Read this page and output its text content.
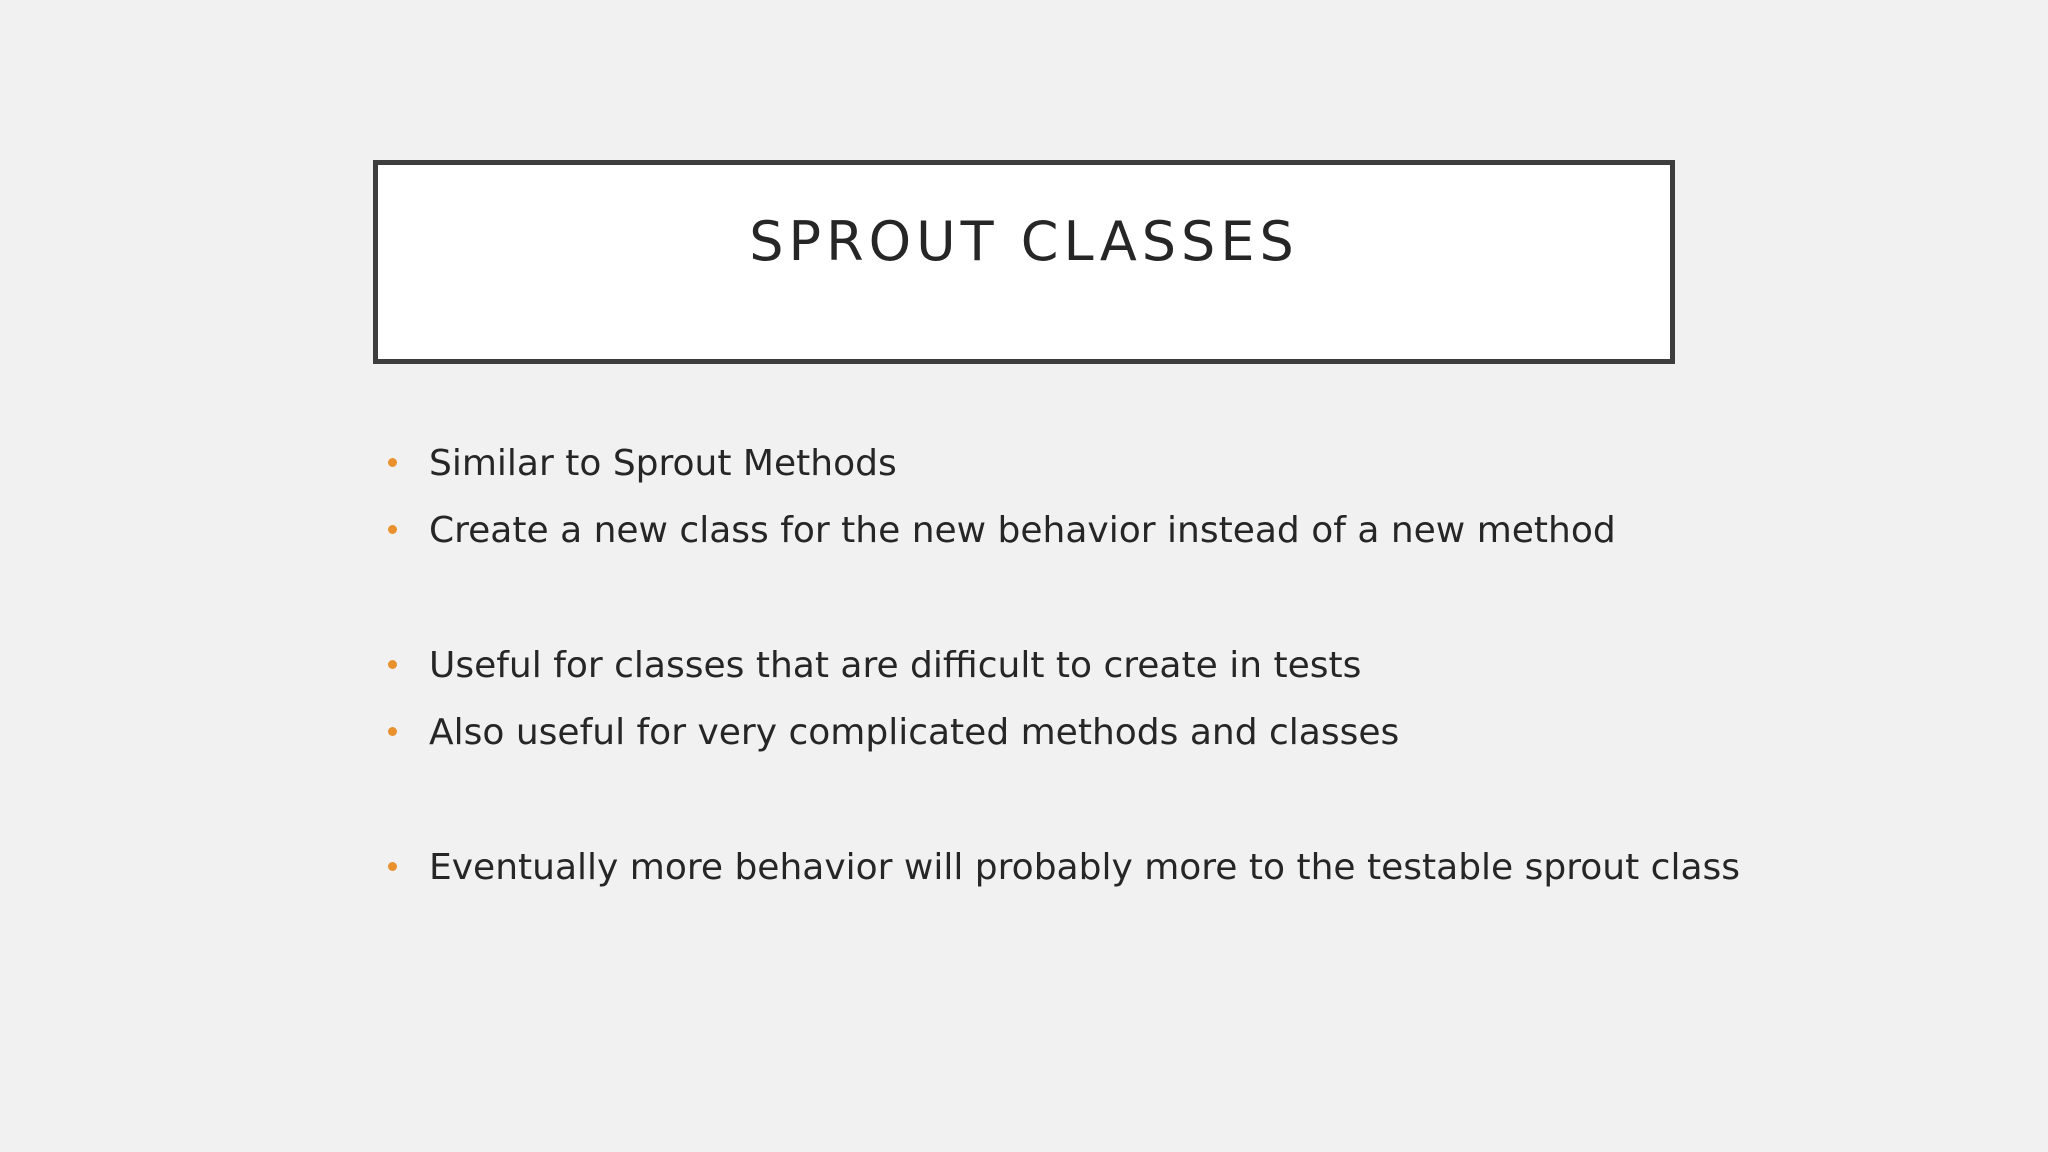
SPROUT CLASSES
Similar to Sprout Methods
Create a new class for the new behavior instead of a new method
Useful for classes that are difficult to create in tests
Also useful for very complicated methods and classes
Eventually more behavior will probably more to the testable sprout class
